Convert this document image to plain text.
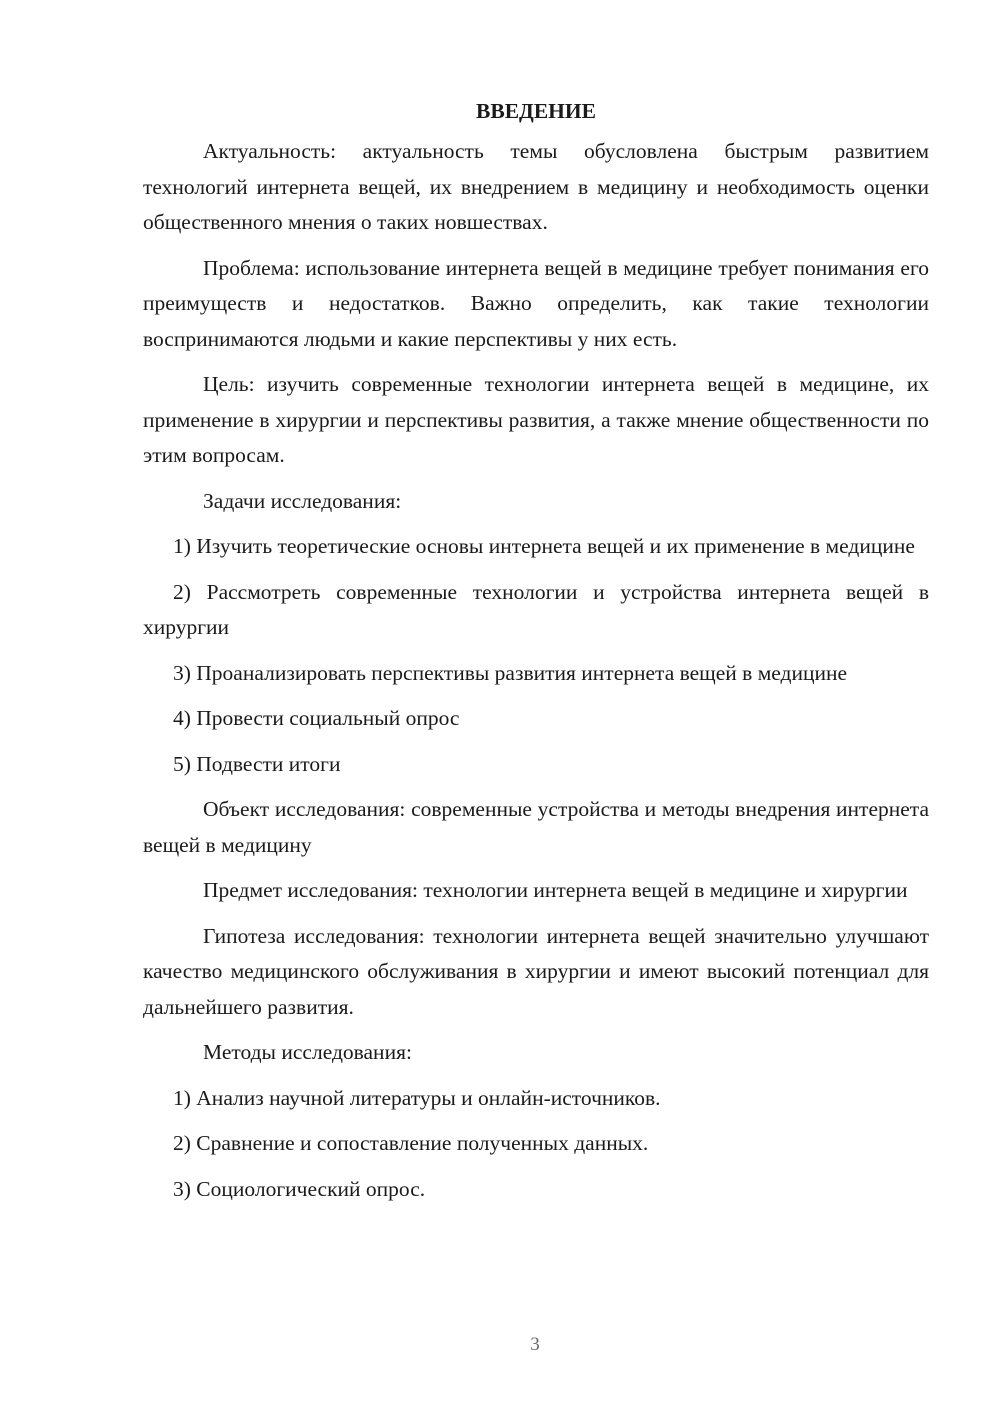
ВВЕДЕНИЕ

Актуальность: актуальность темы обусловлена быстрым развитием технологий интернета вещей, их внедрением в медицину и необходимость оценки общественного мнения о таких новшествах.

Проблема: использование интернета вещей в медицине требует понимания его преимуществ и недостатков. Важно определить, как такие технологии воспринимаются людьми и какие перспективы у них есть.

Цель: изучить современные технологии интернета вещей в медицине, их применение в хирургии и перспективы развития, а также мнение общественности по этим вопросам.

Задачи исследования:

1) Изучить теоретические основы интернета вещей и их применение в медицине

2) Рассмотреть современные технологии и устройства интернета вещей в хирургии

3) Проанализировать перспективы развития интернета вещей в медицине

4) Провести социальный опрос

5) Подвести итоги

Объект исследования: современные устройства и методы внедрения интернета вещей в медицину

Предмет исследования: технологии интернета вещей в медицине и хирургии

Гипотеза исследования: технологии интернета вещей значительно улучшают качество медицинского обслуживания в хирургии и имеют высокий потенциал для дальнейшего развития.

Методы исследования:

1) Анализ научной литературы и онлайн-источников.

2) Сравнение и сопоставление полученных данных.

3) Социологический опрос.

3
